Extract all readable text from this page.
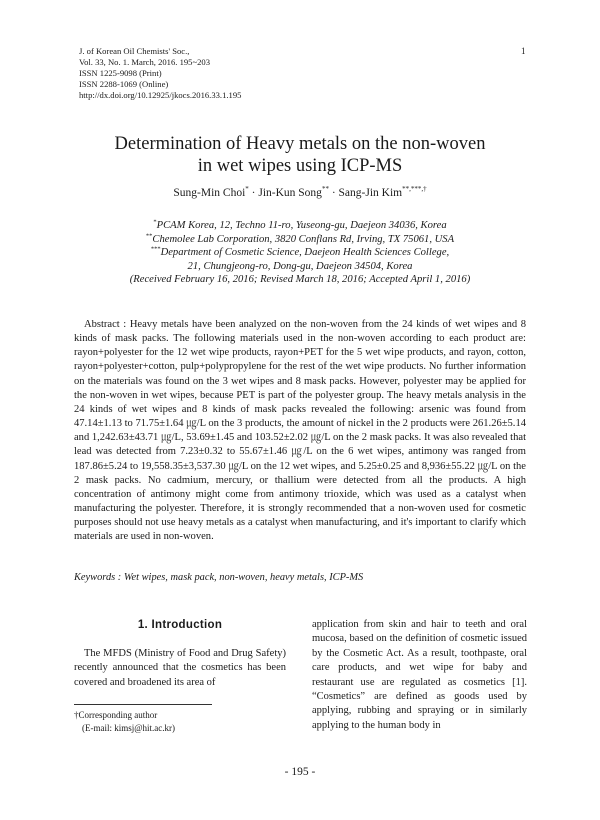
J. of Korean Oil Chemists' Soc.,
Vol. 33, No. 1. March, 2016. 195~203
ISSN 1225-9098 (Print)
ISSN 2288-1069 (Online)
http://dx.doi.org/10.12925/jkocs.2016.33.1.195
1
Determination of Heavy metals on the non-woven
in wet wipes using ICP-MS
Sung-Min Choi* · Jin-Kun Song** · Sang-Jin Kim**,***,†
*PCAM Korea, 12, Techno 11-ro, Yuseong-gu, Daejeon 34036, Korea
**Chemolee Lab Corporation, 3820 Conflans Rd, Irving, TX 75061, USA
***Department of Cosmetic Science, Daejeon Health Sciences College,
21, Chungjeong-ro, Dong-gu, Daejeon 34504, Korea
(Received February 16, 2016; Revised March 18, 2016; Accepted April 1, 2016)
Abstract : Heavy metals have been analyzed on the non-woven from the 24 kinds of wet wipes and 8 kinds of mask packs. The following materials used in the non-woven according to each product are: rayon+polyester for the 12 wet wipe products, rayon+PET for the 5 wet wipe products, and rayon, cotton, rayon+polyester+cotton, pulp+polypropylene for the rest of the wet wipe products. No further information on the materials was found on the 3 wet wipes and 8 mask packs. However, polyester may be applied for the non-woven in wet wipes, because PET is part of the polyester group. The heavy metals analysis in the 24 kinds of wet wipes and 8 kinds of mask packs revealed the following: arsenic was found from 47.14±1.13 to 71.75±1.64 ㎍/L on the 3 products, the amount of nickel in the 2 products were 261.26±5.14 and 1,242.63±43.71 ㎍/L, 53.69±1.45 and 103.52±2.02 ㎍/L on the 2 mask packs. It was also revealed that lead was detected from 7.23±0.32 to 55.67±1.46 ㎍/L on the 6 wet wipes, antimony was ranged from 187.86±5.24 to 19,558.35±3,537.30 ㎍/L on the 12 wet wipes, and 5.25±0.25 and 8,936±55.22 ㎍/L on the 2 mask packs. No cadmium, mercury, or thallium were detected from all the products. A high concentration of antimony might come from antimony trioxide, which was used as a catalyst when manufacturing the polyester. Therefore, it is strongly recommended that a non-woven used for cosmetic purposes should not use heavy metals as a catalyst when manufacturing, and it's important to clarify which materials are used in non-woven.
Keywords : Wet wipes, mask pack, non-woven, heavy metals, ICP-MS
1. Introduction
The MFDS (Ministry of Food and Drug Safety) recently announced that the cosmetics has been covered and broadened its area of
application from skin and hair to teeth and oral mucosa, based on the definition of cosmetic issued by the Cosmetic Act. As a result, toothpaste, oral care products, and wet wipe for baby and restaurant use are regulated as cosmetics [1]. “Cosmetics” are defined as goods used by applying, rubbing and spraying or in similarly applying to the human body in
†Corresponding author
(E-mail: kimsj@hit.ac.kr)
- 195 -
